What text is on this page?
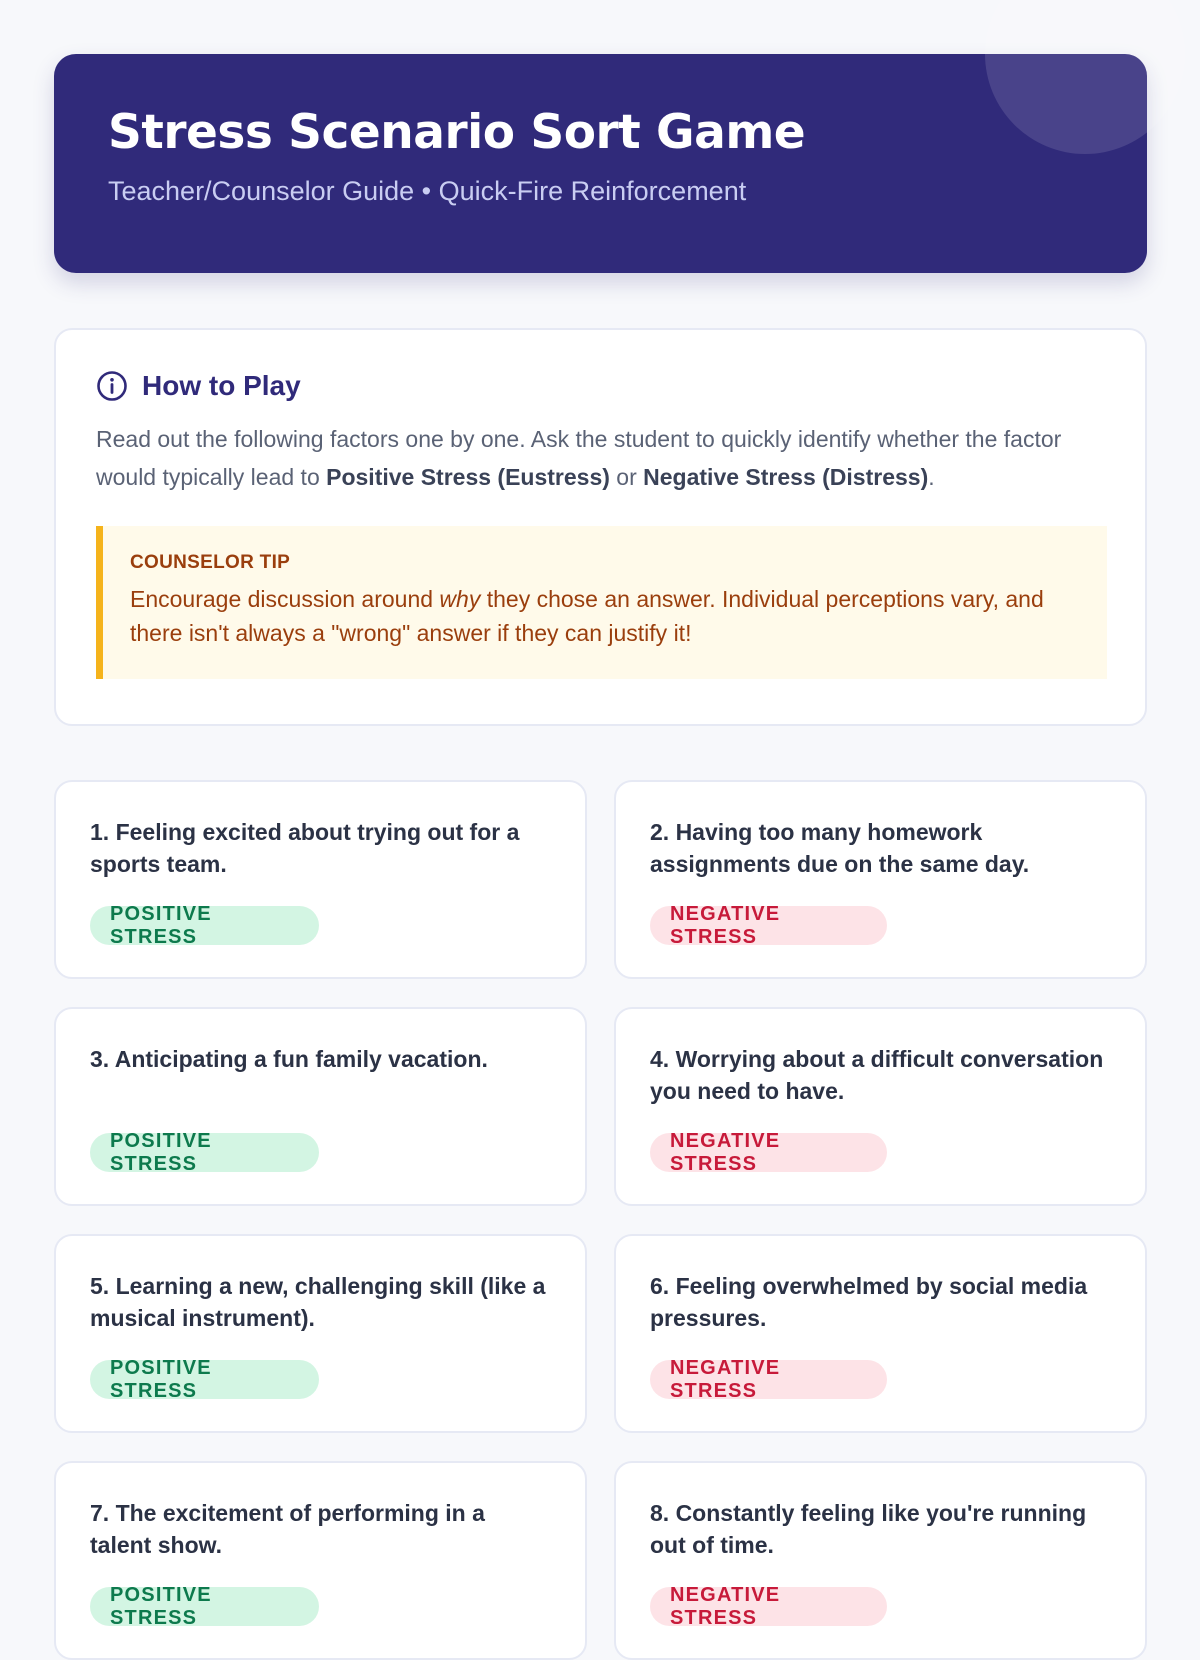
Stress Scenario Sort Game
Teacher/Counselor Guide • Quick-Fire Reinforcement
How to Play

Read out the following factors one by one. Ask the student to quickly identify whether the factor would typically lead to Positive Stress (Eustress) or Negative Stress (Distress).

COUNSELOR TIP

Encourage discussion around why they chose an answer. Individual perceptions vary, and there isn't always a "wrong" answer if they can justify it!

1. Feeling excited about trying out for a sports team.
POSITIVE STRESS
2. Having too many homework assignments due on the same day.
NEGATIVE STRESS
3. Anticipating a fun family vacation.
POSITIVE STRESS
4. Worrying about a difficult conversation you need to have.
NEGATIVE STRESS
5. Learning a new, challenging skill (like a musical instrument).
POSITIVE STRESS
6. Feeling overwhelmed by social media pressures.
NEGATIVE STRESS
7. The excitement of performing in a talent show.
POSITIVE STRESS
8. Constantly feeling like you're running out of time.
NEGATIVE STRESS
